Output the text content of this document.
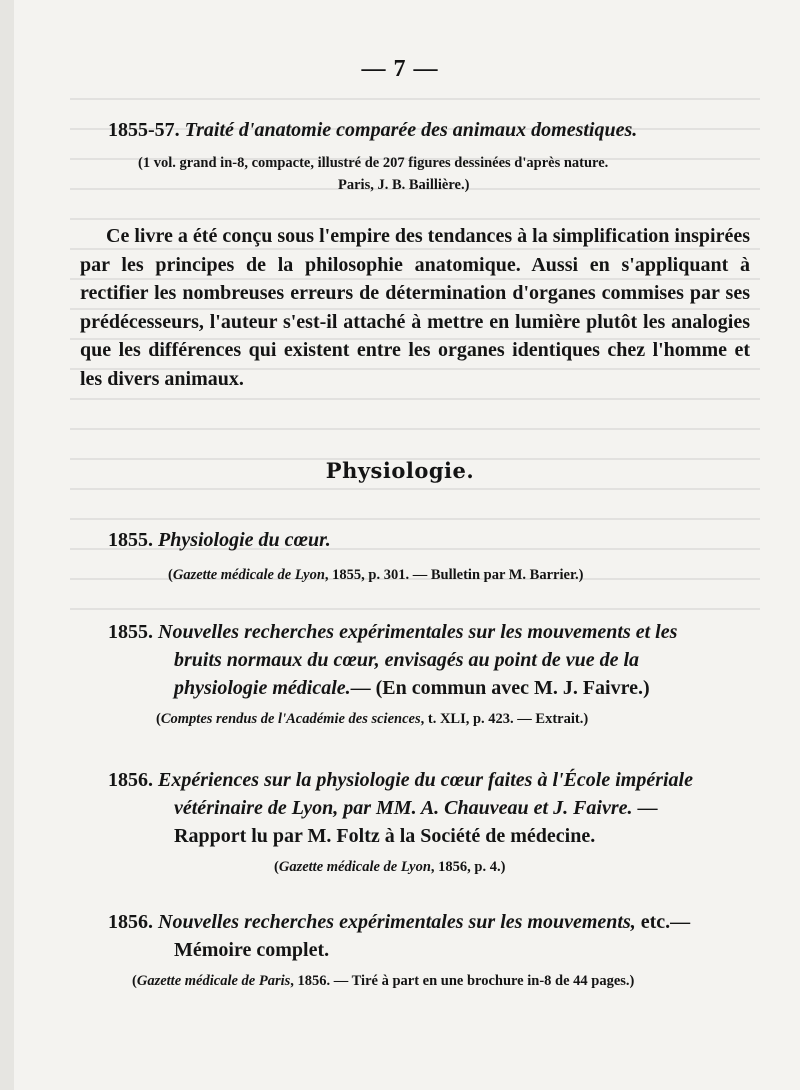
— 7 —
1855-57. Traité d'anatomie comparée des animaux domestiques.
(1 vol. grand in-8, compacte, illustré de 207 figures dessinées d'après nature.
Paris, J. B. Baillière.)
Ce livre a été conçu sous l'empire des tendances à la simplification inspirées par les principes de la philosophie anatomique. Aussi en s'appliquant à rectifier les nombreuses erreurs de détermination d'organes commises par ses prédécesseurs, l'auteur s'est-il attaché à mettre en lumière plutôt les analogies que les différences qui existent entre les organes identiques chez l'homme et les divers animaux.
Physiologie.
1855. Physiologie du cœur.
(Gazette médicale de Lyon, 1855, p. 301. — Bulletin par M. Barrier.)
1855. Nouvelles recherches expérimentales sur les mouvements et les
bruits normaux du cœur, envisagés au point de vue de la
physiologie médicale.— (En commun avec M. J. Faivre.)
(Comptes rendus de l'Académie des sciences, t. XLI, p. 423. — Extrait.)
1856. Expériences sur la physiologie du cœur faites à l'École impériale
vétérinaire de Lyon, par MM. A. Chauveau et J. Faivre. —
Rapport lu par M. Foltz à la Société de médecine.
(Gazette médicale de Lyon, 1856, p. 4.)
1856. Nouvelles recherches expérimentales sur les mouvements, etc.—
Mémoire complet.
(Gazette médicale de Paris, 1856. — Tiré à part en une brochure in-8 de 44 pages.)
